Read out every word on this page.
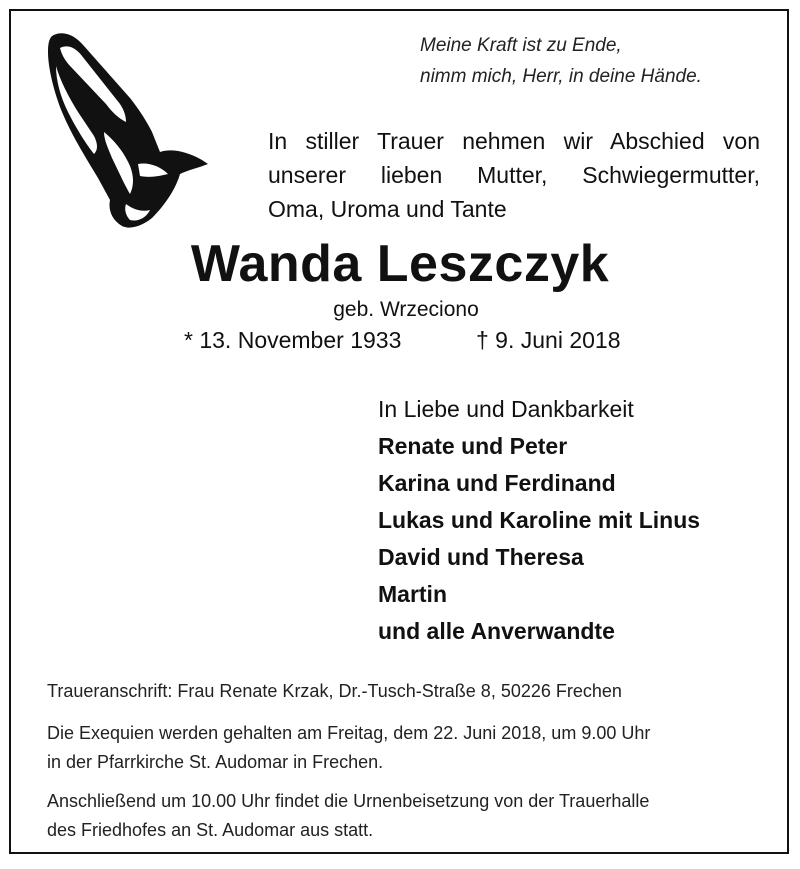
Meine Kraft ist zu Ende,
nimm mich, Herr, in deine Hände.
In stiller Trauer nehmen wir Abschied von
unserer lieben Mutter, Schwiegermutter,
Oma, Uroma und Tante
Wanda Leszczyk
geb. Wrzeciono
* 13. November 1933	† 9. Juni 2018
In Liebe und Dankbarkeit
Renate und Peter
Karina und Ferdinand
Lukas und Karoline mit Linus
David und Theresa
Martin
und alle Anverwandte
Traueranschrift: Frau Renate Krzak, Dr.-Tusch-Straße 8, 50226 Frechen
Die Exequien werden gehalten am Freitag, dem 22. Juni 2018, um 9.00 Uhr
in der Pfarrkirche St. Audomar in Frechen.
Anschließend um 10.00 Uhr findet die Urnenbeisetzung von der Trauerhalle
des Friedhofes an St. Audomar aus statt.
